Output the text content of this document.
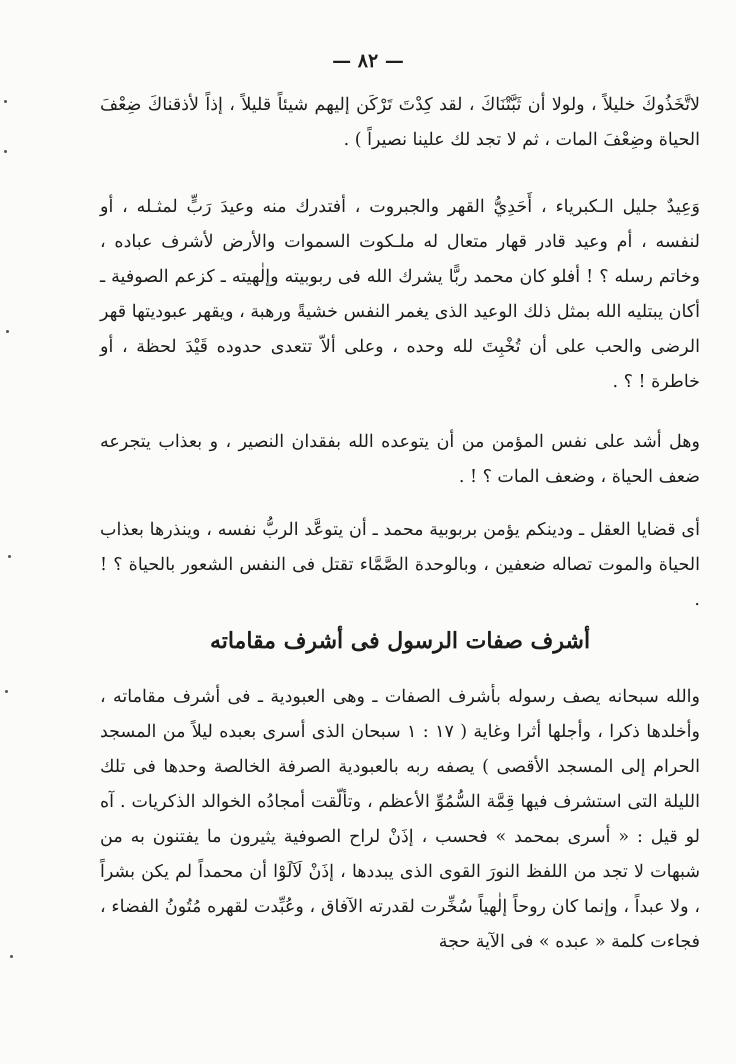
— ٨٢ —

لاتَّخَذُوكَ خليلاً ، ولولا أن ثَبَّتْنَاكَ ، لقد كِدْتَ تَرْكَن إليهم شيئاً قليلاً ، إذاً لأذقناكَ ضِعْفَ الحياة وضِعْفَ المات ، ثم لا تجد لك علينا نصيراً ) .

وَعِيدٌ جليل الـكبرياء ، أَحَدِيُّ القهر والجبروت ، أفتدرك منه وعيدَ رَبٍّ لمثـله ، أو لنفسه ، أم وعيد قادر قهار متعال له ملـكوت السموات والأرض لأشرف عباده ، وخاتم رسله ؟ ! أفلو كان محمد ربًّا يشرك الله فى ربوبيته وإلٰهيته ـ كزعم الصوفية ـ أكان يبتليه الله بمثل ذلك الوعيد الذى يغمر النفس خشيةً ورهبة ، ويقهر عبوديتها قهر الرضى والحب على أن تُخْبِتَ لله وحده ، وعلى ألاّ تتعدى حدوده قَيْدَ لحظة ، أو خاطرة ! ؟ .

وهل أشد على نفس المؤمن من أن يتوعده الله بفقدان النصير ، و بعذاب يتجرعه ضعف الحياة ، وضعف المات ؟ ! .

أى قضايا العقل ـ ودينكم يؤمن بربوبية محمد ـ أن يتوعَّد الربُّ نفسه ، وينذرها بعذاب الحياة والموت تصاله ضعفين ، وبالوحدة الصَّمَّاء تقتل فى النفس الشعور بالحياة ؟ ! .

أشرف صفات الرسول فى أشرف مقاماته

والله سبحانه يصف رسوله بأشرف الصفات ـ وهى العبودية ـ فى أشرف مقاماته ، وأخلدها ذكرا ، وأجلها أثرا وغاية ( ١٧ : ١ سبحان الذى أسرى بعبده ليلاً من المسجد الحرام إلى المسجد الأقصى ) يصفه ربه بالعبودية الصرفة الخالصة وحدها فى تلك الليلة التى استشرف فيها قِمَّة السُّمُوِّ الأعظم ، وتألّقت أمجادُه الخوالد الذكريات . آه لو قيل : « أسرى بمحمد » فحسب ، إذَنْ لراح الصوفية يثيرون ما يفتنون به من شبهات لا تجد من اللفظ النورَ القوى الذى يبددها ، إذَنْ لَآلَوْا أن محمداً لم يكن بشراً ، ولا عبداً ، وإنما كان روحاً إلٰهياً سُخِّرت لقدرته الآفاق ، وعُبِّدت لقهره مُتُونُ الفضاء ، فجاءت كلمة « عبده » فى الآية حجة
